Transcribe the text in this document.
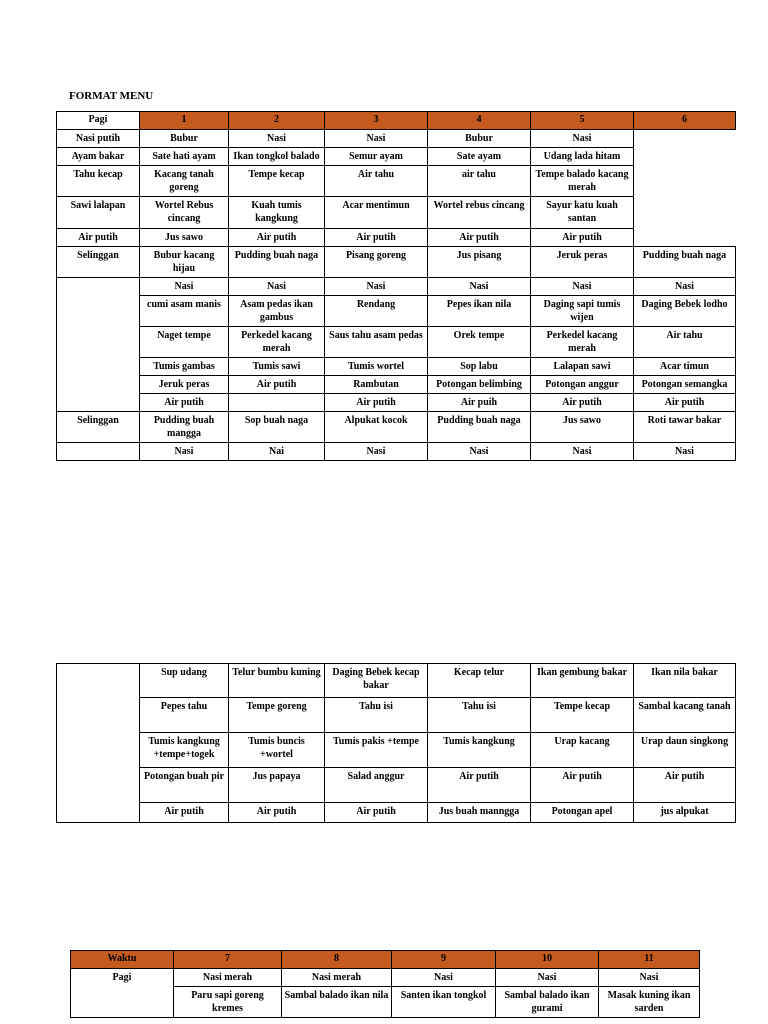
FORMAT MENU
Pagi	1	2	3	4	5	6
Nasi putih	Bubur	Nasi	Nasi	Bubur	Nasi	
Ayam bakar	Sate hati ayam	Ikan tongkol balado	Semur ayam	Sate ayam	Udang lada hitam	
Tahu kecap	Kacang tanah goreng	Tempe kecap	Air tahu	air tahu	Tempe balado kacang merah	
Sawi lalapan	Wortel Rebus cincang	Kuah tumis kangkung	Acar mentimun	Wortel rebus cincang	Sayur katu kuah santan	
Air putih	Jus sawo	Air putih	Air putih	Air putih	Air putih	
Selinggan	Bubur kacang hijau	Pudding buah naga	Pisang goreng	Jus pisang	Jeruk peras	Pudding buah naga
	Nasi	Nasi	Nasi	Nasi	Nasi	Nasi
	cumi asam manis	Asam pedas ikan gambus	Rendang	Pepes ikan nila	Daging sapi tumis wijen	Daging Bebek lodho
	Naget tempe	Perkedel kacang merah	Saus tahu asam pedas	Orek tempe	Perkedel kacang merah	Air tahu
	Tumis gambas	Tumis sawi	Tumis wortel	Sop labu	Lalapan sawi	Acar timun
	Jeruk peras	Air putih	Rambutan	Potongan belimbing	Potongan anggur	Potongan semangka
	Air putih		Air putih	Air puih	Air putih	Air putih
Selinggan	Pudding buah mangga	Sop buah naga	Alpukat kocok	Pudding buah naga	Jus sawo	Roti tawar bakar
	Nasi	Nai	Nasi	Nasi	Nasi	Nasi
	Sup udang	Telur bumbu kuning	Daging Bebek kecap bakar	Kecap telur	Ikan gembung bakar	Ikan nila bakar
	Pepes tahu	Tempe goreng	Tahu isi	Tahu isi	Tempe kecap	Sambal kacang tanah
	Tumis kangkung +tempe+togek	Tumis buncis +wortel	Tumis pakis +tempe	Tumis kangkung	Urap kacang	Urap daun singkong
	Potongan buah pir	Jus papaya	Salad anggur	Air putih	Air putih	Air putih
	Air putih	Air putih	Air putih	Jus buah manngga	Potongan apel	jus alpukat
Waktu	7	8	9	10	11
Pagi	Nasi merah	Nasi merah	Nasi	Nasi	Nasi
	Paru sapi goreng kremes	Sambal balado ikan nila	Santen ikan tongkol	Sambal balado ikan gurami	Masak kuning ikan sarden
